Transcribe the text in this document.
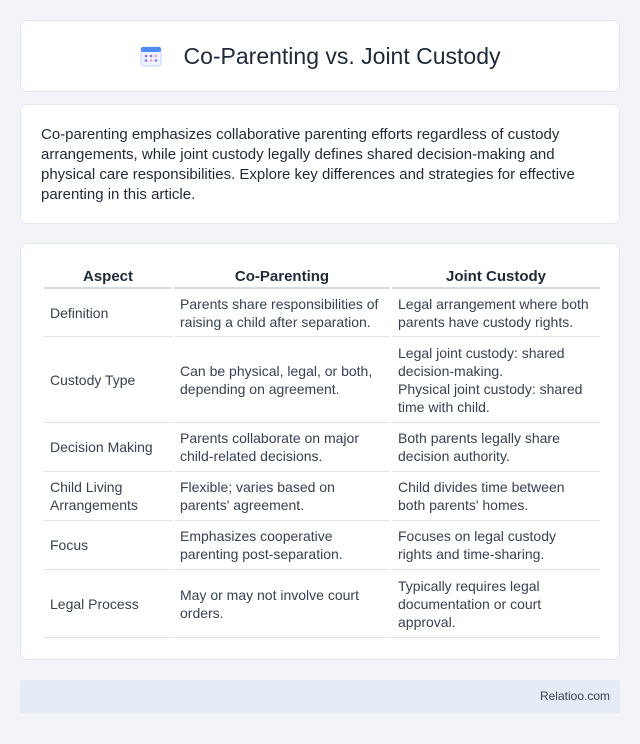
Co-Parenting vs. Joint Custody

Co-parenting emphasizes collaborative parenting efforts regardless of custody arrangements, while joint custody legally defines shared decision-making and physical care responsibilities. Explore key differences and strategies for effective parenting in this article.

Aspect	Co-Parenting	Joint Custody
Definition	Parents share responsibilities of raising a child after separation.	Legal arrangement where both parents have custody rights.
Custody Type	Can be physical, legal, or both, depending on agreement.	Legal joint custody: shared decision-making.
Physical joint custody: shared time with child.

Decision Making	Parents collaborate on major child-related decisions.	Both parents legally share decision authority.
Child Living Arrangements	Flexible; varies based on parents' agreement.	Child divides time between both parents' homes.
Focus	Emphasizes cooperative parenting post-separation.	Focuses on legal custody rights and time-sharing.
Legal Process	May or may not involve court orders.	Typically requires legal documentation or court approval.
Relatioo.com
